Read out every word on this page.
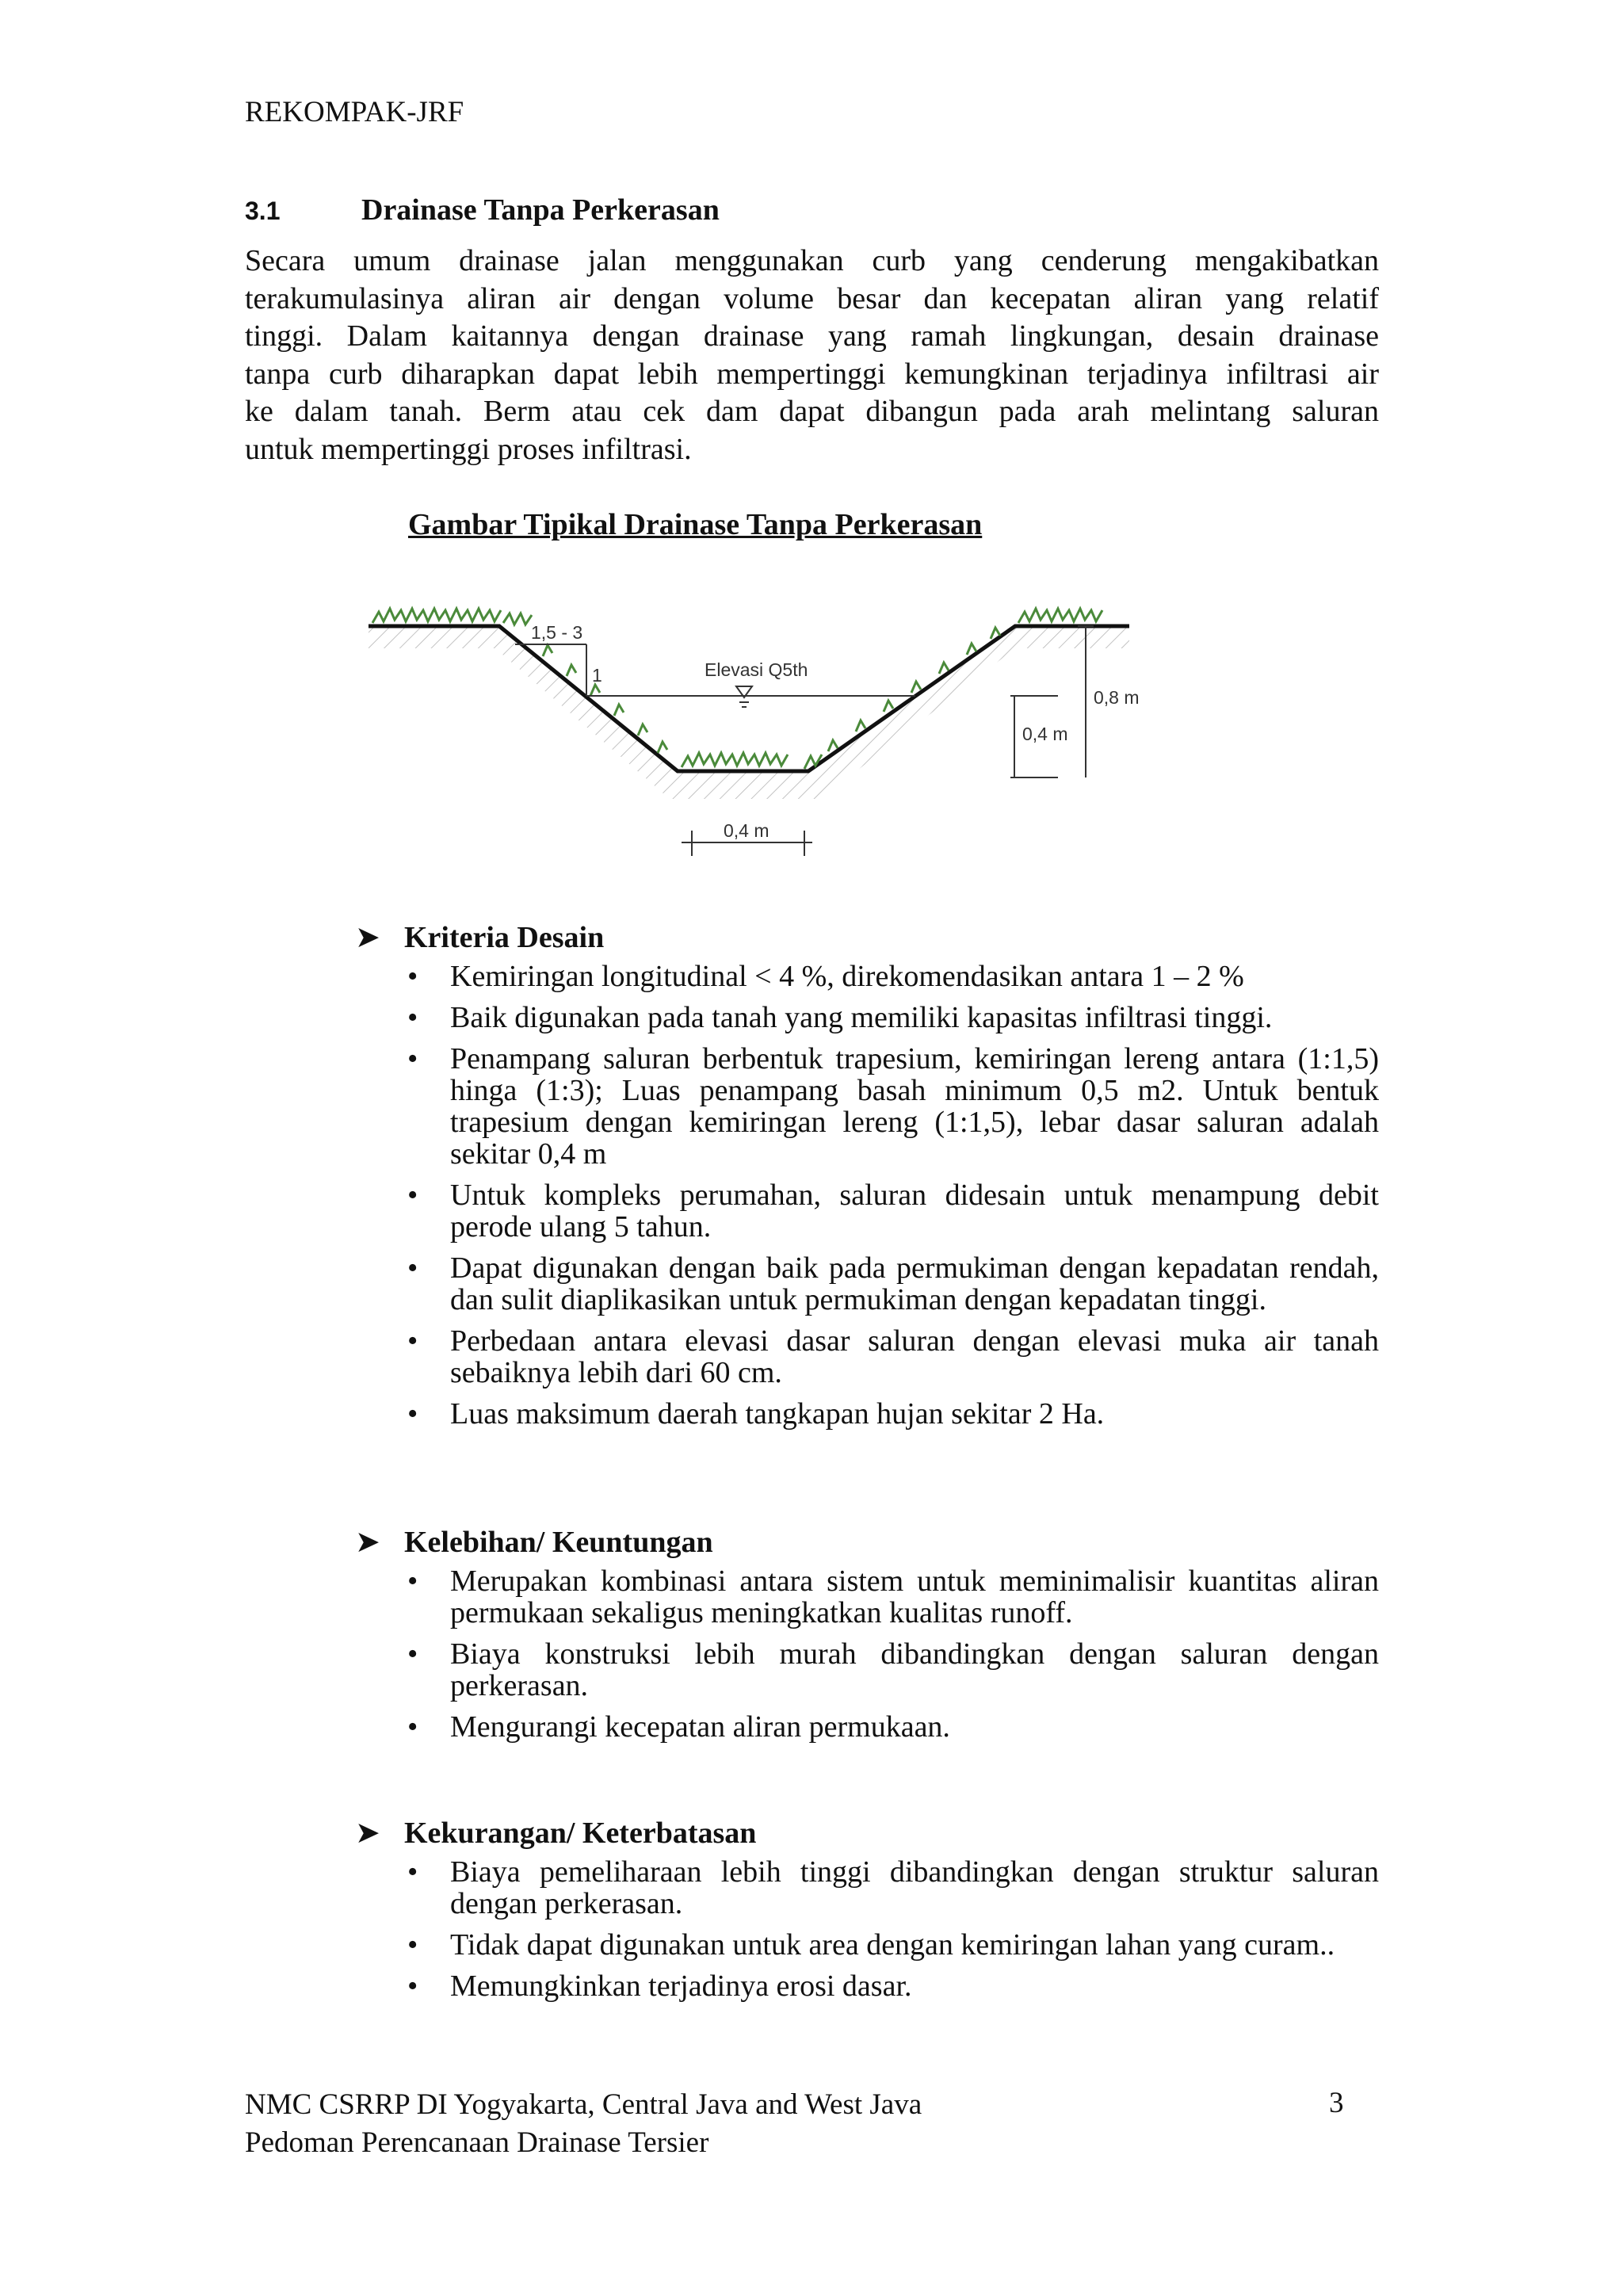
REKOMPAK-JRF
3.1	Drainase Tanpa Perkerasan
Secara umum drainase jalan menggunakan curb yang cenderung mengakibatkan
terakumulasinya aliran air dengan volume besar dan kecepatan aliran yang relatif
tinggi. Dalam kaitannya dengan drainase yang ramah lingkungan, desain drainase
tanpa curb diharapkan dapat lebih mempertinggi kemungkinan terjadinya infiltrasi air
ke dalam tanah. Berm atau cek dam dapat dibangun pada arah melintang saluran
untuk mempertinggi proses infiltrasi.
Gambar Tipikal Drainase Tanpa Perkerasan
Elevasi Q5th
1,5 - 3
1
0,4 m
0,8 m
0,4 m
➤ Kriteria Desain
• Kemiringan longitudinal < 4 %, direkomendasikan antara 1 – 2 %
• Baik digunakan pada tanah yang memiliki kapasitas infiltrasi tinggi.
• Penampang saluran berbentuk trapesium, kemiringan lereng antara (1:1,5) hinga (1:3); Luas penampang basah minimum 0,5 m2. Untuk bentuk trapesium dengan kemiringan lereng (1:1,5), lebar dasar saluran adalah sekitar 0,4 m
• Untuk kompleks perumahan, saluran didesain untuk menampung debit perode ulang 5 tahun.
• Dapat digunakan dengan baik pada permukiman dengan kepadatan rendah, dan sulit diaplikasikan untuk permukiman dengan kepadatan tinggi.
• Perbedaan antara elevasi dasar saluran dengan elevasi muka air tanah sebaiknya lebih dari 60 cm.
• Luas maksimum daerah tangkapan hujan sekitar 2 Ha.
➤ Kelebihan/ Keuntungan
• Merupakan kombinasi antara sistem untuk meminimalisir kuantitas aliran permukaan sekaligus meningkatkan kualitas runoff.
• Biaya konstruksi lebih murah dibandingkan dengan saluran dengan perkerasan.
• Mengurangi kecepatan aliran permukaan.
➤ Kekurangan/ Keterbatasan
• Biaya pemeliharaan lebih tinggi dibandingkan dengan struktur saluran dengan perkerasan.
• Tidak dapat digunakan untuk area dengan kemiringan lahan yang curam..
• Memungkinkan terjadinya erosi dasar.
NMC CSRRP DI Yogyakarta, Central Java and West Java
Pedoman Perencanaan Drainase Tersier
3
